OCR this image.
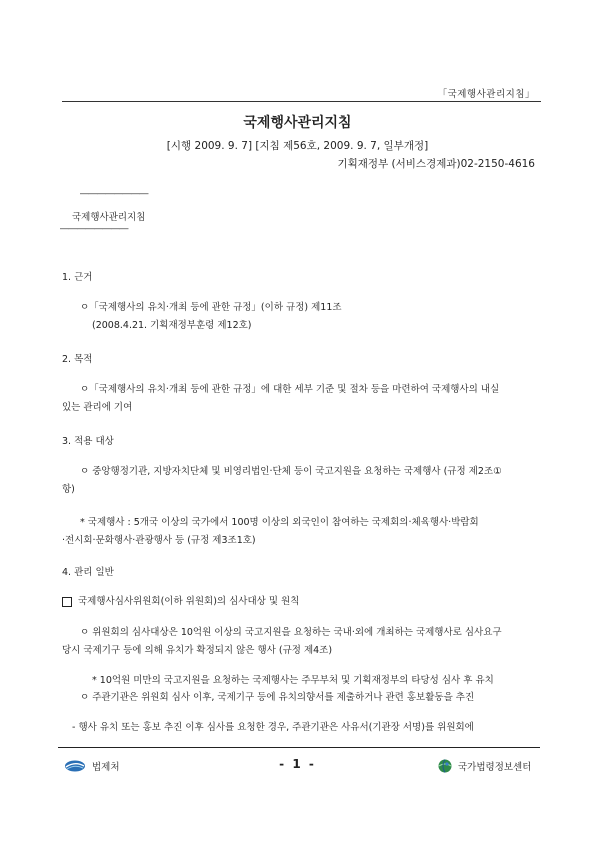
「국제행사관리지침」
국제행사관리지침
[시행 2009. 9. 7] [지침 제56호, 2009. 9. 7, 일부개정]
기획재정부 (서비스경제과)02-2150-4616
――――――――
국제행사관리지침
――――――――
1. 근거
ㅇ「국제행사의 유치·개최 등에 관한 규정」(이하 규정) 제11조
(2008.4.21. 기획재정부훈령 제12호)
2. 목적
ㅇ「국제행사의 유치·개최 등에 관한 규정」에 대한 세부 기준 및 절차 등을 마련하여 국제행사의 내실
있는 관리에 기여
3. 적용 대상
ㅇ 중앙행정기관, 지방자치단체 및 비영리법인·단체 등이 국고지원을 요청하는 국제행사 (규정 제2조①
항)
* 국제행사 : 5개국 이상의 국가에서 100명 이상의 외국인이 참여하는 국제회의·체육행사·박람회
·전시회·문화행사·관광행사 등 (규정 제3조1호)
4. 관리 일반
국제행사심사위원회(이하 위원회)의 심사대상 및 원칙
ㅇ 위원회의 심사대상은 10억원 이상의 국고지원을 요청하는 국내·외에 개최하는 국제행사로 심사요구
당시 국제기구 등에 의해 유치가 확정되지 않은 행사 (규정 제4조)
* 10억원 미만의 국고지원을 요청하는 국제행사는 주무부처 및 기획재정부의 타당성 심사 후 유치
ㅇ 주관기관은 위원회 심사 이후, 국제기구 등에 유치의향서를 제출하거나 관련 홍보활동을 추진
- 행사 유치 또는 홍보 추진 이후 심사를 요청한 경우, 주관기관은 사유서(기관장 서명)를 위원회에
법제처	- 1 -	국가법령정보센터
